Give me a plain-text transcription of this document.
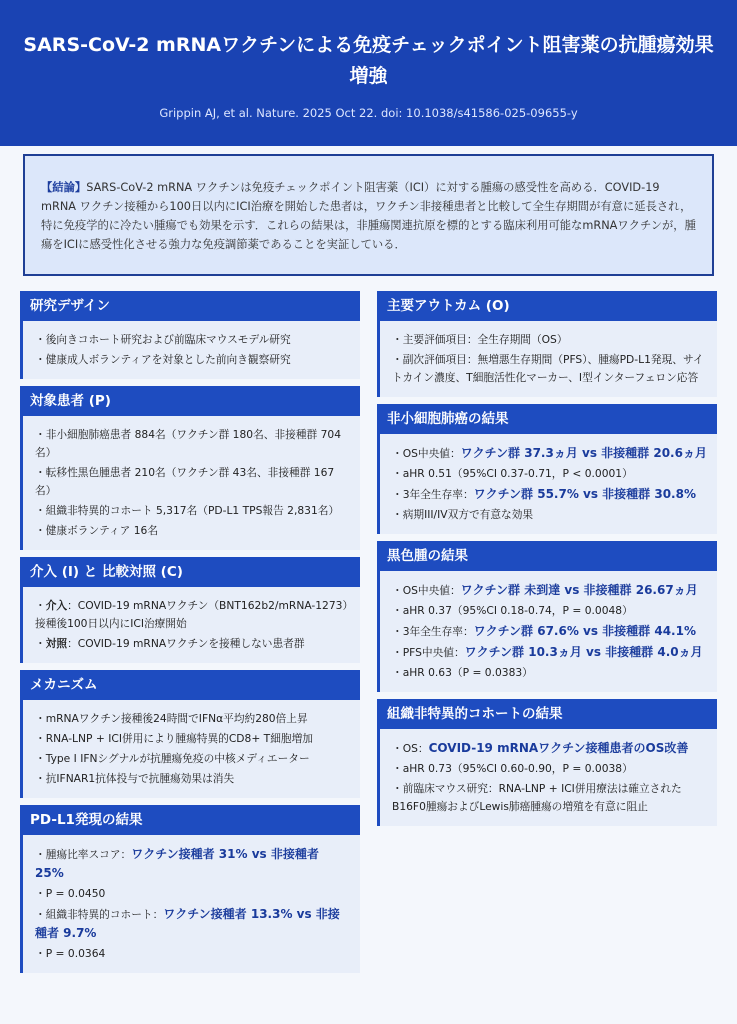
SARS-CoV-2 mRNAワクチンによる免疫チェックポイント阻害薬の抗腫瘍効果増強
Grippin AJ, et al. Nature. 2025 Oct 22. doi: 10.1038/s41586-025-09655-y
【結論】SARS-CoV-2 mRNA ワクチンは免疫チェックポイント阻害薬（ICI）に対する腫瘍の感受性を高める．COVID-19 mRNA ワクチン接種から100日以内にICI治療を開始した患者は，ワクチン非接種患者と比較して全生存期間が有意に延長され，特に免疫学的に冷たい腫瘍でも効果を示す．これらの結果は，非腫瘍関連抗原を標的とする臨床利用可能なmRNAワクチンが，腫瘍をICIに感受性化させる強力な免疫調節薬であることを実証している．
研究デザイン
・ 後向きコホート研究および前臨床マウスモデル研究
・ 健康成人ボランティアを対象とした前向き観察研究
対象患者 (P)
・ 非小細胞肺癌患者 884名（ワクチン群 180名、非接種群 704名）
・ 転移性黒色腫患者 210名（ワクチン群 43名、非接種群 167名）
・ 組織非特異的コホート 5,317名（PD-L1 TPS報告 2,831名）
・ 健康ボランティア 16名
介入 (I) と 比較対照 (C)
・ 介入：COVID-19 mRNAワクチン（BNT162b2/mRNA-1273）接種後100日以内にICI治療開始
・ 対照：COVID-19 mRNAワクチンを接種しない患者群
メカニズム
・ mRNAワクチン接種後24時間でIFNα平均約280倍上昇
・ RNA-LNP + ICI併用により腫瘍特異的CD8+ T細胞増加
・ Type I IFNシグナルが抗腫瘍免疫の中核メディエーター
・ 抗IFNAR1抗体投与で抗腫瘍効果は消失
PD-L1発現の結果
・ 腫瘍比率スコア：ワクチン接種者 31% vs 非接種者 25%
・ P = 0.0450
・ 組織非特異的コホート：ワクチン接種者 13.3% vs 非接種者 9.7%
・ P = 0.0364
主要アウトカム (O)
・ 主要評価項目：全生存期間（OS）
・ 副次評価項目：無増悪生存期間（PFS）、腫瘍PD-L1発現、サイトカイン濃度、T細胞活性化マーカー、I型インターフェロン応答
非小細胞肺癌の結果
・ OS中央値：ワクチン群 37.3ヵ月 vs 非接種群 20.6ヵ月
・ aHR 0.51（95%CI 0.37-0.71，P < 0.0001）
・ 3年全生存率：ワクチン群 55.7% vs 非接種群 30.8%
・ 病期III/IV双方で有意な効果
黒色腫の結果
・ OS中央値：ワクチン群 未到達 vs 非接種群 26.67ヵ月
・ aHR 0.37（95%CI 0.18-0.74，P = 0.0048）
・ 3年全生存率：ワクチン群 67.6% vs 非接種群 44.1%
・ PFS中央値：ワクチン群 10.3ヵ月 vs 非接種群 4.0ヵ月
・ aHR 0.63（P = 0.0383）
組織非特異的コホートの結果
・ OS：COVID-19 mRNAワクチン接種患者のOS改善
・ aHR 0.73（95%CI 0.60-0.90，P = 0.0038）
・ 前臨床マウス研究：RNA-LNP + ICI併用療法は確立されたB16F0腫瘍およびLewis肺癌腫瘍の増殖を有意に阻止
